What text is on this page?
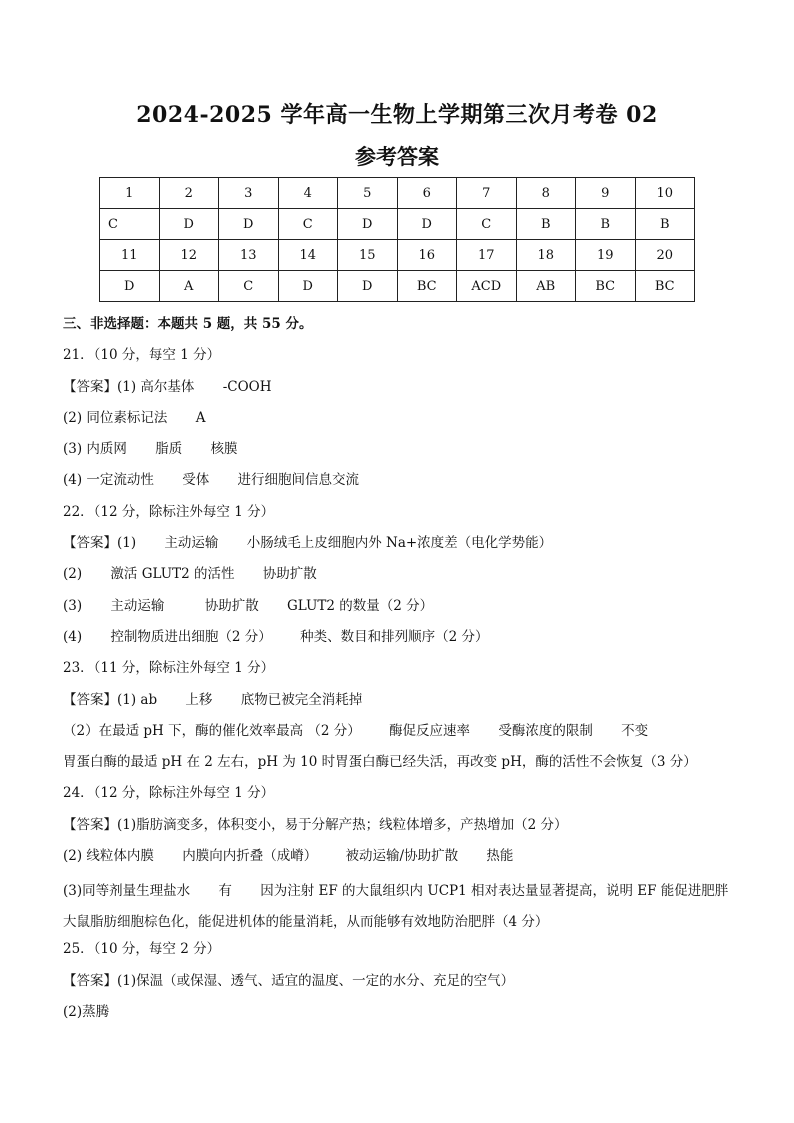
2024-2025 学年高一生物上学期第三次月考卷 02
参考答案
1	2	3	4	5	6	7	8	9	10
C	D	D	C	D	D	C	B	B	B
11	12	13	14	15	16	17	18	19	20
D	A	C	D	D	BC	ACD	AB	BC	BC
三、非选择题：本题共 5 题，共 55 分。
21．（10 分，每空 1 分）
【答案】(1) 高尔基体 -COOH
(2) 同位素标记法 A
(3) 内质网 脂质 核膜
(4) 一定流动性 受体 进行细胞间信息交流
22．（12 分，除标注外每空 1 分）
【答案】(1) 主动运输 小肠绒毛上皮细胞内外 Na+浓度差（电化学势能）
(2) 激活 GLUT2 的活性 协助扩散
(3) 主动运输	协助扩散 GLUT2 的数量（2 分）
(4) 控制物质进出细胞（2 分） 种类、数目和排列顺序（2 分）
23．（11 分，除标注外每空 1 分）
【答案】(1) ab 上移 底物已被完全消耗掉
（2）在最适 pH 下，酶的催化效率最高 （2 分） 酶促反应速率 受酶浓度的限制 不变
胃蛋白酶的最适 pH 在 2 左右，pH 为 10 时胃蛋白酶已经失活，再改变 pH，酶的活性不会恢复（3 分）
24．（12 分，除标注外每空 1 分）
【答案】(1)脂肪滴变多，体积变小，易于分解产热；线粒体增多，产热增加（2 分）
(2) 线粒体内膜 内膜向内折叠（成嵴） 被动运输/协助扩散 热能
(3)同等剂量生理盐水 有 因为注射 EF 的大鼠组织内 UCP1 相对表达量显著提高，说明 EF 能促进肥胖大鼠脂肪细胞棕色化，能促进机体的能量消耗，从而能够有效地防治肥胖（4 分）
25．（10 分，每空 2 分）
【答案】(1)保温（或保湿、透气、适宜的温度、一定的水分、充足的空气）
(2)蒸腾
